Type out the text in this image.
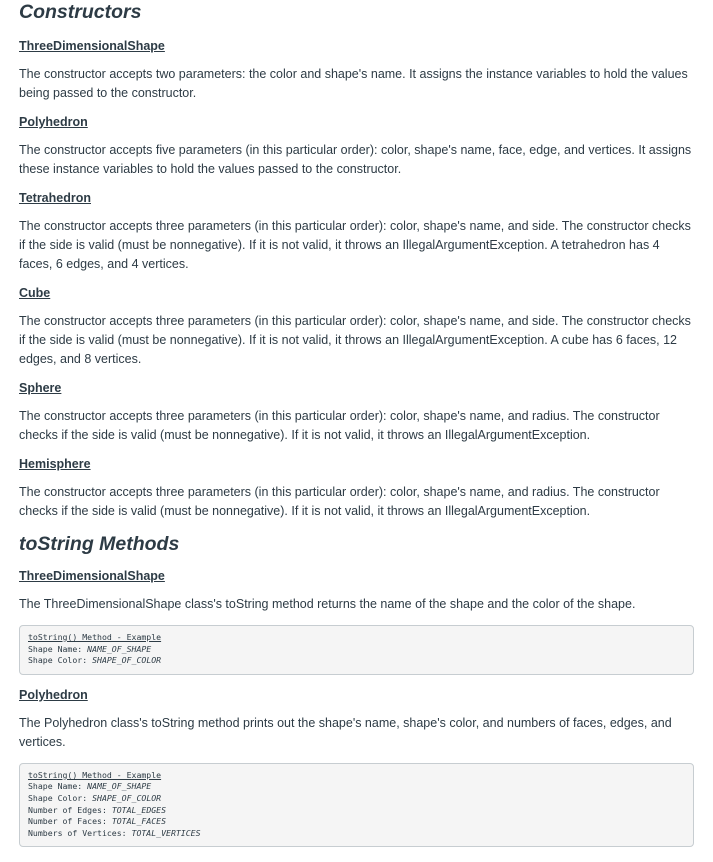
Constructors
ThreeDimensionalShape

The constructor accepts two parameters: the color and shape's name. It assigns the instance variables to hold the values being passed to the constructor.

Polyhedron

The constructor accepts five parameters (in this particular order): color, shape's name, face, edge, and vertices. It assigns these instance variables to hold the values passed to the constructor.

Tetrahedron

The constructor accepts three parameters (in this particular order): color, shape's name, and side. The constructor checks if the side is valid (must be nonnegative). If it is not valid, it throws an IllegalArgumentException. A tetrahedron has 4 faces, 6 edges, and 4 vertices.

Cube

The constructor accepts three parameters (in this particular order): color, shape's name, and side. The constructor checks if the side is valid (must be nonnegative). If it is not valid, it throws an IllegalArgumentException. A cube has 6 faces, 12 edges, and 8 vertices.

Sphere

The constructor accepts three parameters (in this particular order): color, shape's name, and radius. The constructor checks if the side is valid (must be nonnegative). If it is not valid, it throws an IllegalArgumentException.

Hemisphere

The constructor accepts three parameters (in this particular order): color, shape's name, and radius. The constructor checks if the side is valid (must be nonnegative). If it is not valid, it throws an IllegalArgumentException.

toString Methods
ThreeDimensionalShape

The ThreeDimensionalShape class's toString method returns the name of the shape and the color of the shape.

toString() Method - Example
Shape Name: NAME_OF_SHAPE
Shape Color: SHAPE_OF_COLOR
Polyhedron

The Polyhedron class's toString method prints out the shape's name, shape's color, and numbers of faces, edges, and vertices.

toString() Method - Example
Shape Name: NAME_OF_SHAPE
Shape Color: SHAPE_OF_COLOR
Number of Edges: TOTAL_EDGES
Number of Faces: TOTAL_FACES
Numbers of Vertices: TOTAL_VERTICES
